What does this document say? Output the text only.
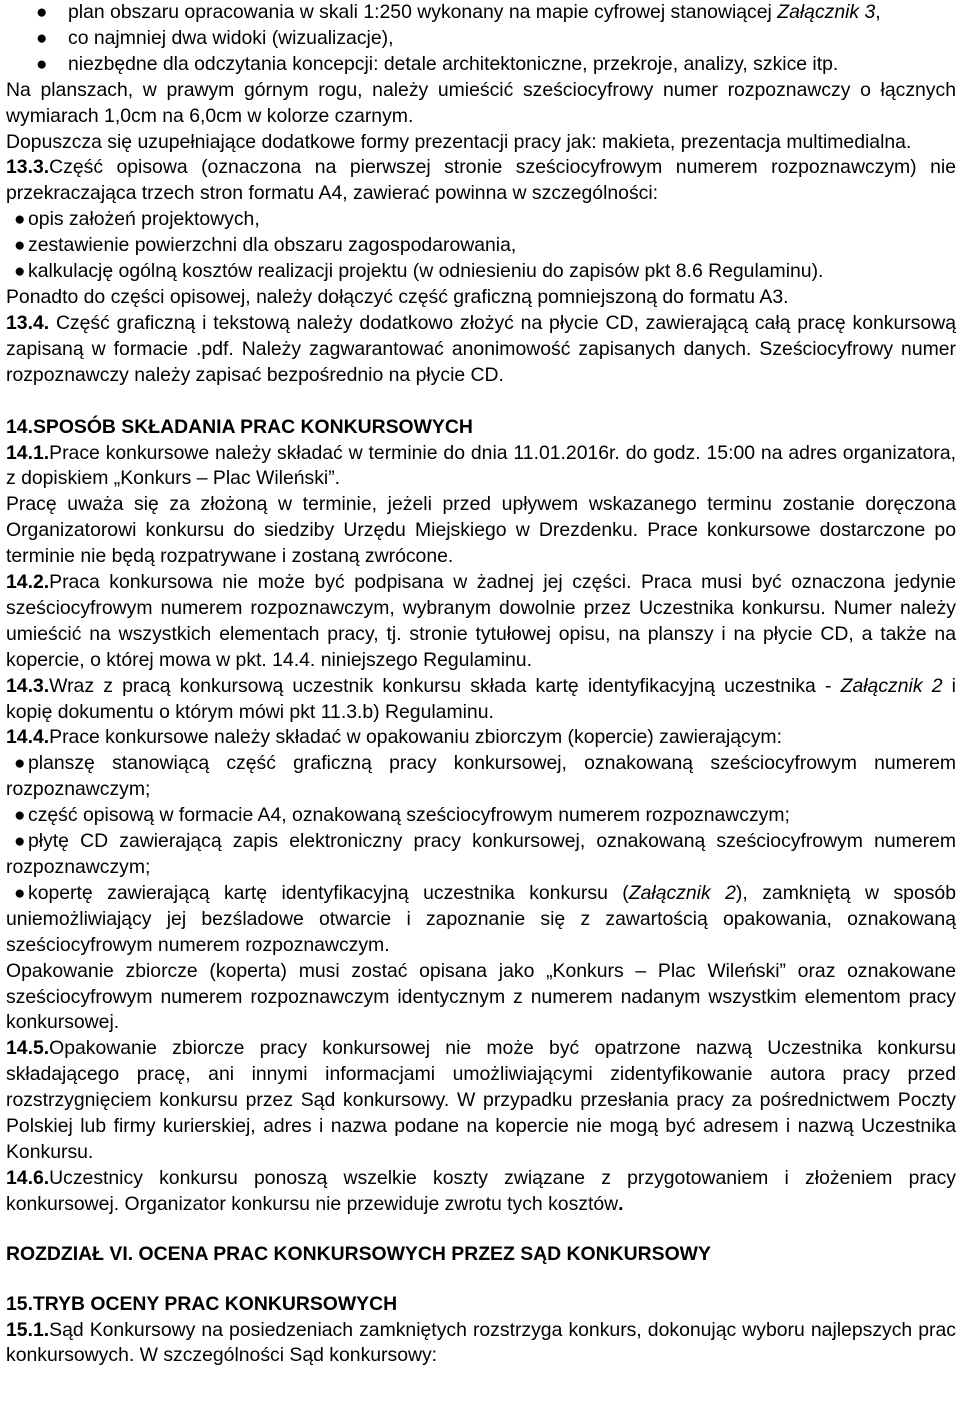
● plan obszaru opracowania w skali 1:250 wykonany na mapie cyfrowej stanowiącej Załącznik 3,

● co najmniej dwa widoki (wizualizacje),

● niezbędne dla odczytania koncepcji: detale architektoniczne, przekroje, analizy, szkice itp.

Na planszach, w prawym górnym rogu, należy umieścić sześciocyfrowy numer rozpoznawczy o łącznych wymiarach 1,0cm na 6,0cm w kolorze czarnym.

Dopuszcza się uzupełniające dodatkowe formy prezentacji pracy jak: makieta, prezentacja multimedialna.

13.3.Część opisowa (oznaczona na pierwszej stronie sześciocyfrowym numerem rozpoznawczym) nie przekraczająca trzech stron formatu A4, zawierać powinna w szczególności:

● opis założeń projektowych,

● zestawienie powierzchni dla obszaru zagospodarowania,

● kalkulację ogólną kosztów realizacji projektu (w odniesieniu do zapisów pkt 8.6 Regulaminu).

Ponadto do części opisowej, należy dołączyć część graficzną pomniejszoną do formatu A3.

13.4. Część graficzną i tekstową należy dodatkowo złożyć na płycie CD, zawierającą całą pracę konkursową zapisaną w formacie .pdf. Należy zagwarantować anonimowość zapisanych danych. Sześciocyfrowy numer rozpoznawczy należy zapisać bezpośrednio na płycie CD.

14.SPOSÓB SKŁADANIA PRAC KONKURSOWYCH

14.1.Prace konkursowe należy składać w terminie do dnia 11.01.2016r. do godz. 15:00 na adres organizatora, z dopiskiem „Konkurs – Plac Wileński”.

Pracę uważa się za złożoną w terminie, jeżeli przed upływem wskazanego terminu zostanie doręczona Organizatorowi konkursu do siedziby Urzędu Miejskiego w Drezdenku. Prace konkursowe dostarczone po terminie nie będą rozpatrywane i zostaną zwrócone.

14.2.Praca konkursowa nie może być podpisana w żadnej jej części. Praca musi być oznaczona jedynie sześciocyfrowym numerem rozpoznawczym, wybranym dowolnie przez Uczestnika konkursu. Numer należy umieścić na wszystkich elementach pracy, tj. stronie tytułowej opisu, na planszy i na płycie CD, a także na kopercie, o której mowa w pkt. 14.4. niniejszego Regulaminu.

14.3.Wraz z pracą konkursową uczestnik konkursu składa kartę identyfikacyjną uczestnika - Załącznik 2 i kopię dokumentu o którym mówi pkt 11.3.b) Regulaminu.

14.4.Prace konkursowe należy składać w opakowaniu zbiorczym (kopercie) zawierającym:

● planszę stanowiącą część graficzną pracy konkursowej, oznakowaną sześciocyfrowym numerem rozpoznawczym;

● część opisową w formacie A4, oznakowaną sześciocyfrowym numerem rozpoznawczym;

● płytę CD zawierającą zapis elektroniczny pracy konkursowej, oznakowaną sześciocyfrowym numerem rozpoznawczym;

● kopertę zawierającą kartę identyfikacyjną uczestnika konkursu (Załącznik 2), zamkniętą w sposób uniemożliwiający jej bezśladowe otwarcie i zapoznanie się z zawartością opakowania, oznakowaną sześciocyfrowym numerem rozpoznawczym.

Opakowanie zbiorcze (koperta) musi zostać opisana jako „Konkurs – Plac Wileński” oraz oznakowane sześciocyfrowym numerem rozpoznawczym identycznym z numerem nadanym wszystkim elementom pracy konkursowej.

14.5.Opakowanie zbiorcze pracy konkursowej nie może być opatrzone nazwą Uczestnika konkursu składającego pracę, ani innymi informacjami umożliwiającymi zidentyfikowanie autora pracy przed rozstrzygnięciem konkursu przez Sąd konkursowy. W przypadku przesłania pracy za pośrednictwem Poczty Polskiej lub firmy kurierskiej, adres i nazwa podane na kopercie nie mogą być adresem i nazwą Uczestnika Konkursu.

14.6.Uczestnicy konkursu ponoszą wszelkie koszty związane z przygotowaniem i złożeniem pracy konkursowej. Organizator konkursu nie przewiduje zwrotu tych kosztów.

ROZDZIAŁ VI. OCENA PRAC KONKURSOWYCH PRZEZ SĄD KONKURSOWY

15.TRYB OCENY PRAC KONKURSOWYCH

15.1.Sąd Konkursowy na posiedzeniach zamkniętych rozstrzyga konkurs, dokonując wyboru najlepszych prac konkursowych. W szczególności Sąd konkursowy:
